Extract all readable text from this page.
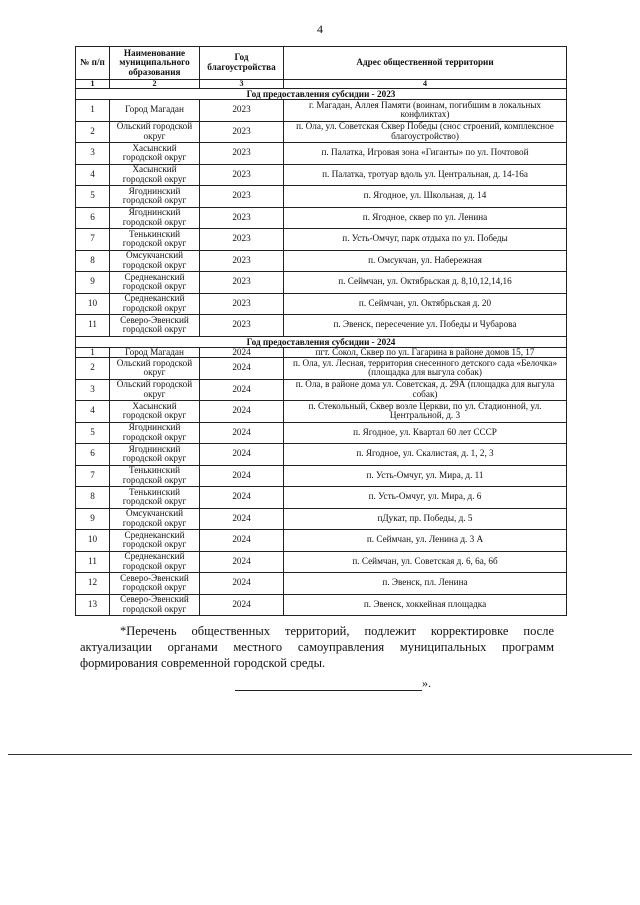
4
№ п/п	Наименование муниципального образования	Год благоустройства	Адрес общественной территории
1	2	3	4
Год предоставления субсидии - 2023			
1	Город Магадан	2023	г. Магадан, Аллея Памяти (воинам, погибшим в локальных конфликтах)
2	Ольский городской округ	2023	п. Ола, ул. Советская Сквер Победы (снос строений, комплексное благоустройство)
3	Хасынский городской округ	2023	п. Палатка, Игровая зона «Гиганты» по ул. Почтовой
4	Хасынский городской округ	2023	п. Палатка, тротуар вдоль ул. Центральная, д. 14-16а
5	Ягоднинский городской округ	2023	п. Ягодное, ул. Школьная, д. 14
6	Ягоднинский городской округ	2023	п. Ягодное, сквер по ул. Ленина
7	Тенькинский городской округ	2023	п. Усть-Омчуг, парк отдыха по ул. Победы
8	Омсукчанский городской округ	2023	п. Омсукчан, ул. Набережная
9	Среднеканский городской округ	2023	п. Сеймчан, ул. Октябрьская д. 8,10,12,14,16
10	Среднеканский городской округ	2023	п. Сеймчан, ул. Октябрьская д. 20
11	Северо-Эвенский городской округ	2023	п. Эвенск, пересечение ул. Победы и Чубарова
Год предоставления субсидии - 2024			
1	Город Магадан	2024	пгт. Сокол, Сквер по ул. Гагарина в районе домов 15, 17
2	Ольский городской округ	2024	п. Ола, ул. Лесная, территория снесенного детского сада «Белочка» (площадка для выгула собак)
3	Ольский городской округ	2024	п. Ола, в районе дома ул. Советская, д. 29А (площадка для выгула собак)
4	Хасынский городской округ	2024	п. Стекольный, Сквер возле Церкви, по ул. Стадионной, ул. Центральной, д. 3
5	Ягоднинский городской округ	2024	п. Ягодное, ул. Квартал 60 лет СССР
6	Ягоднинский городской округ	2024	п. Ягодное, ул. Скалистая, д. 1, 2, 3
7	Тенькинский городской округ	2024	п. Усть-Омчуг, ул. Мира, д. 11
8	Тенькинский городской округ	2024	п. Усть-Омчуг, ул. Мира, д. 6
9	Омсукчанский городской округ	2024	пДукат, пр. Победы, д. 5
10	Среднеканский городской округ	2024	п. Сеймчан, ул. Ленина д. 3 А
11	Среднеканский городской округ	2024	п. Сеймчан, ул. Советская д. 6, 6а, 6б
12	Северо-Эвенский городской округ	2024	п. Эвенск, пл. Ленина
13	Северо-Эвенский городской округ	2024	п. Эвенск, хоккейная площадка
*Перечень общественных территорий, подлежит корректировке после актуализации органами местного самоуправления муниципальных программ формирования современной городской среды.
».
